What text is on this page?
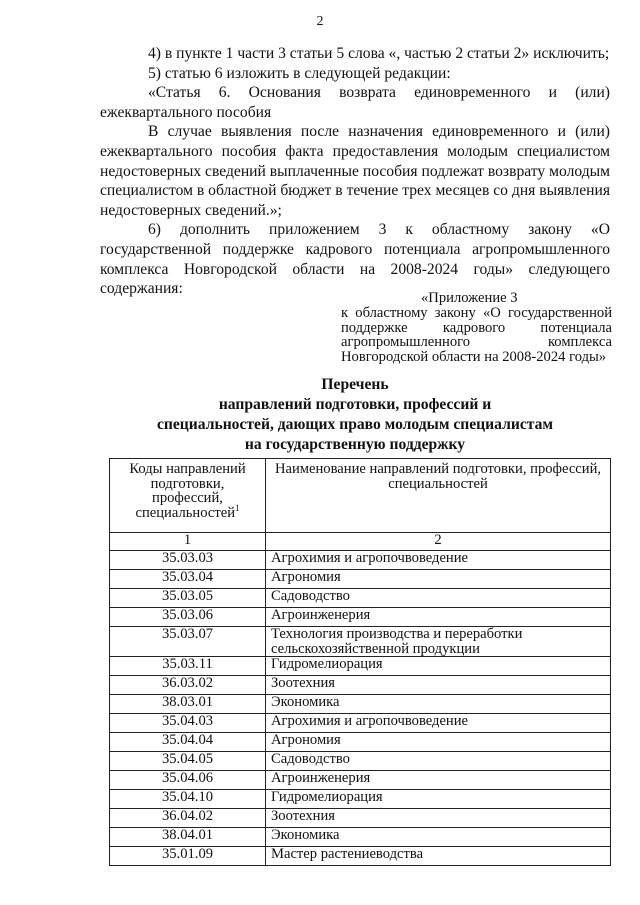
2

4) в пункте 1 части 3 статьи 5 слова «, частью 2 статьи 2» исключить;

5) статью 6 изложить в следующей редакции:

«Статья 6. Основания возврата единовременного и (или) ежеквартального пособия

В случае выявления после назначения единовременного и (или) ежеквартального пособия факта предоставления молодым специалистом недостоверных сведений выплаченные пособия подлежат возврату молодым специалистом в областной бюджет в течение трех месяцев со дня выявления недостоверных сведений.»;

6) дополнить приложением 3 к областному закону «О государственной поддержке кадрового потенциала агропромышленного комплекса Новгородской области на 2008-2024 годы» следующего содержания:

«Приложение 3

к областному закону «О государственной поддержке кадрового потенциала агропромышленного комплекса Новгородской области на 2008-2024 годы»

Перечень
направлений подготовки, профессий и
специальностей, дающих право молодым специалистам
на государственную поддержку
Коды направлений подготовки, профессий, специальностей$^1$	Наименование направлений подготовки, профессий, специальностей
1	2
35.03.03	Агрохимия и агропочвоведение
35.03.04	Агрономия
35.03.05	Садоводство
35.03.06	Агроинженерия
35.03.07	Технология производства и переработки сельскохозяйственной продукции
35.03.11	Гидромелиорация
36.03.02	Зоотехния
38.03.01	Экономика
35.04.03	Агрохимия и агропочвоведение
35.04.04	Агрономия
35.04.05	Садоводство
35.04.06	Агроинженерия
35.04.10	Гидромелиорация
36.04.02	Зоотехния
38.04.01	Экономика
35.01.09	Мастер растениеводства
